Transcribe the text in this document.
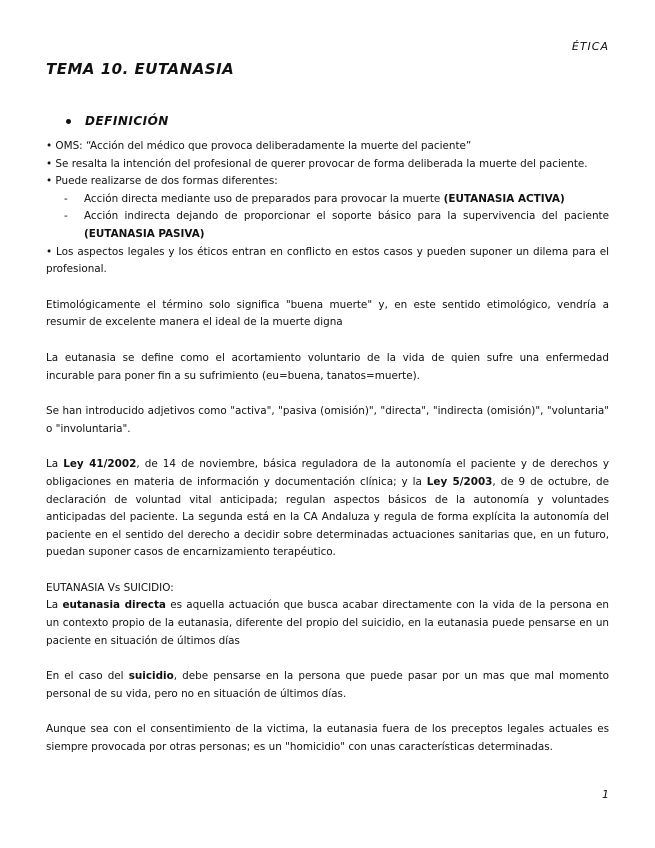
ÉTICA
TEMA 10. EUTANASIA
DEFINICIÓN

• OMS: “Acción del médico que provoca deliberadamente la muerte del paciente”

• Se resalta la intención del profesional de querer provocar de forma deliberada la muerte del paciente.

• Puede realizarse de dos formas diferentes:

- Acción directa mediante uso de preparados para provocar la muerte (EUTANASIA ACTIVA)

- Acción indirecta dejando de proporcionar el soporte básico para la supervivencia del paciente (EUTANASIA PASIVA)

• Los aspectos legales y los éticos entran en conflicto en estos casos y pueden suponer un dilema para el profesional.

Etimológicamente el término solo significa "buena muerte" y, en este sentido etimológico, vendría a resumir de excelente manera el ideal de la muerte digna

La eutanasia se define como el acortamiento voluntario de la vida de quien sufre una enfermedad incurable para poner fin a su sufrimiento (eu=buena, tanatos=muerte).

Se han introducido adjetivos como "activa", "pasiva (omisión)", "directa", "indirecta (omisión)", "voluntaria" o "involuntaria".

La Ley 41/2002, de 14 de noviembre, básica reguladora de la autonomía el paciente y de derechos y obligaciones en materia de información y documentación clínica; y la Ley 5/2003, de 9 de octubre, de declaración de voluntad vital anticipada; regulan aspectos básicos de la autonomía y voluntades anticipadas del paciente. La segunda está en la CA Andaluza y regula de forma explícita la autonomía del paciente en el sentido del derecho a decidir sobre determinadas actuaciones sanitarias que, en un futuro, puedan suponer casos de encarnizamiento terapéutico.

EUTANASIA Vs SUICIDIO:

La eutanasia directa es aquella actuación que busca acabar directamente con la vida de la persona en un contexto propio de la eutanasia, diferente del propio del suicidio, en la eutanasia puede pensarse en un paciente en situación de últimos días

En el caso del suicidio, debe pensarse en la persona que puede pasar por un mas que mal momento personal de su vida, pero no en situación de últimos días.

Aunque sea con el consentimiento de la victima, la eutanasia fuera de los preceptos legales actuales es siempre provocada por otras personas; es un "homicidio" con unas características determinadas.

1
